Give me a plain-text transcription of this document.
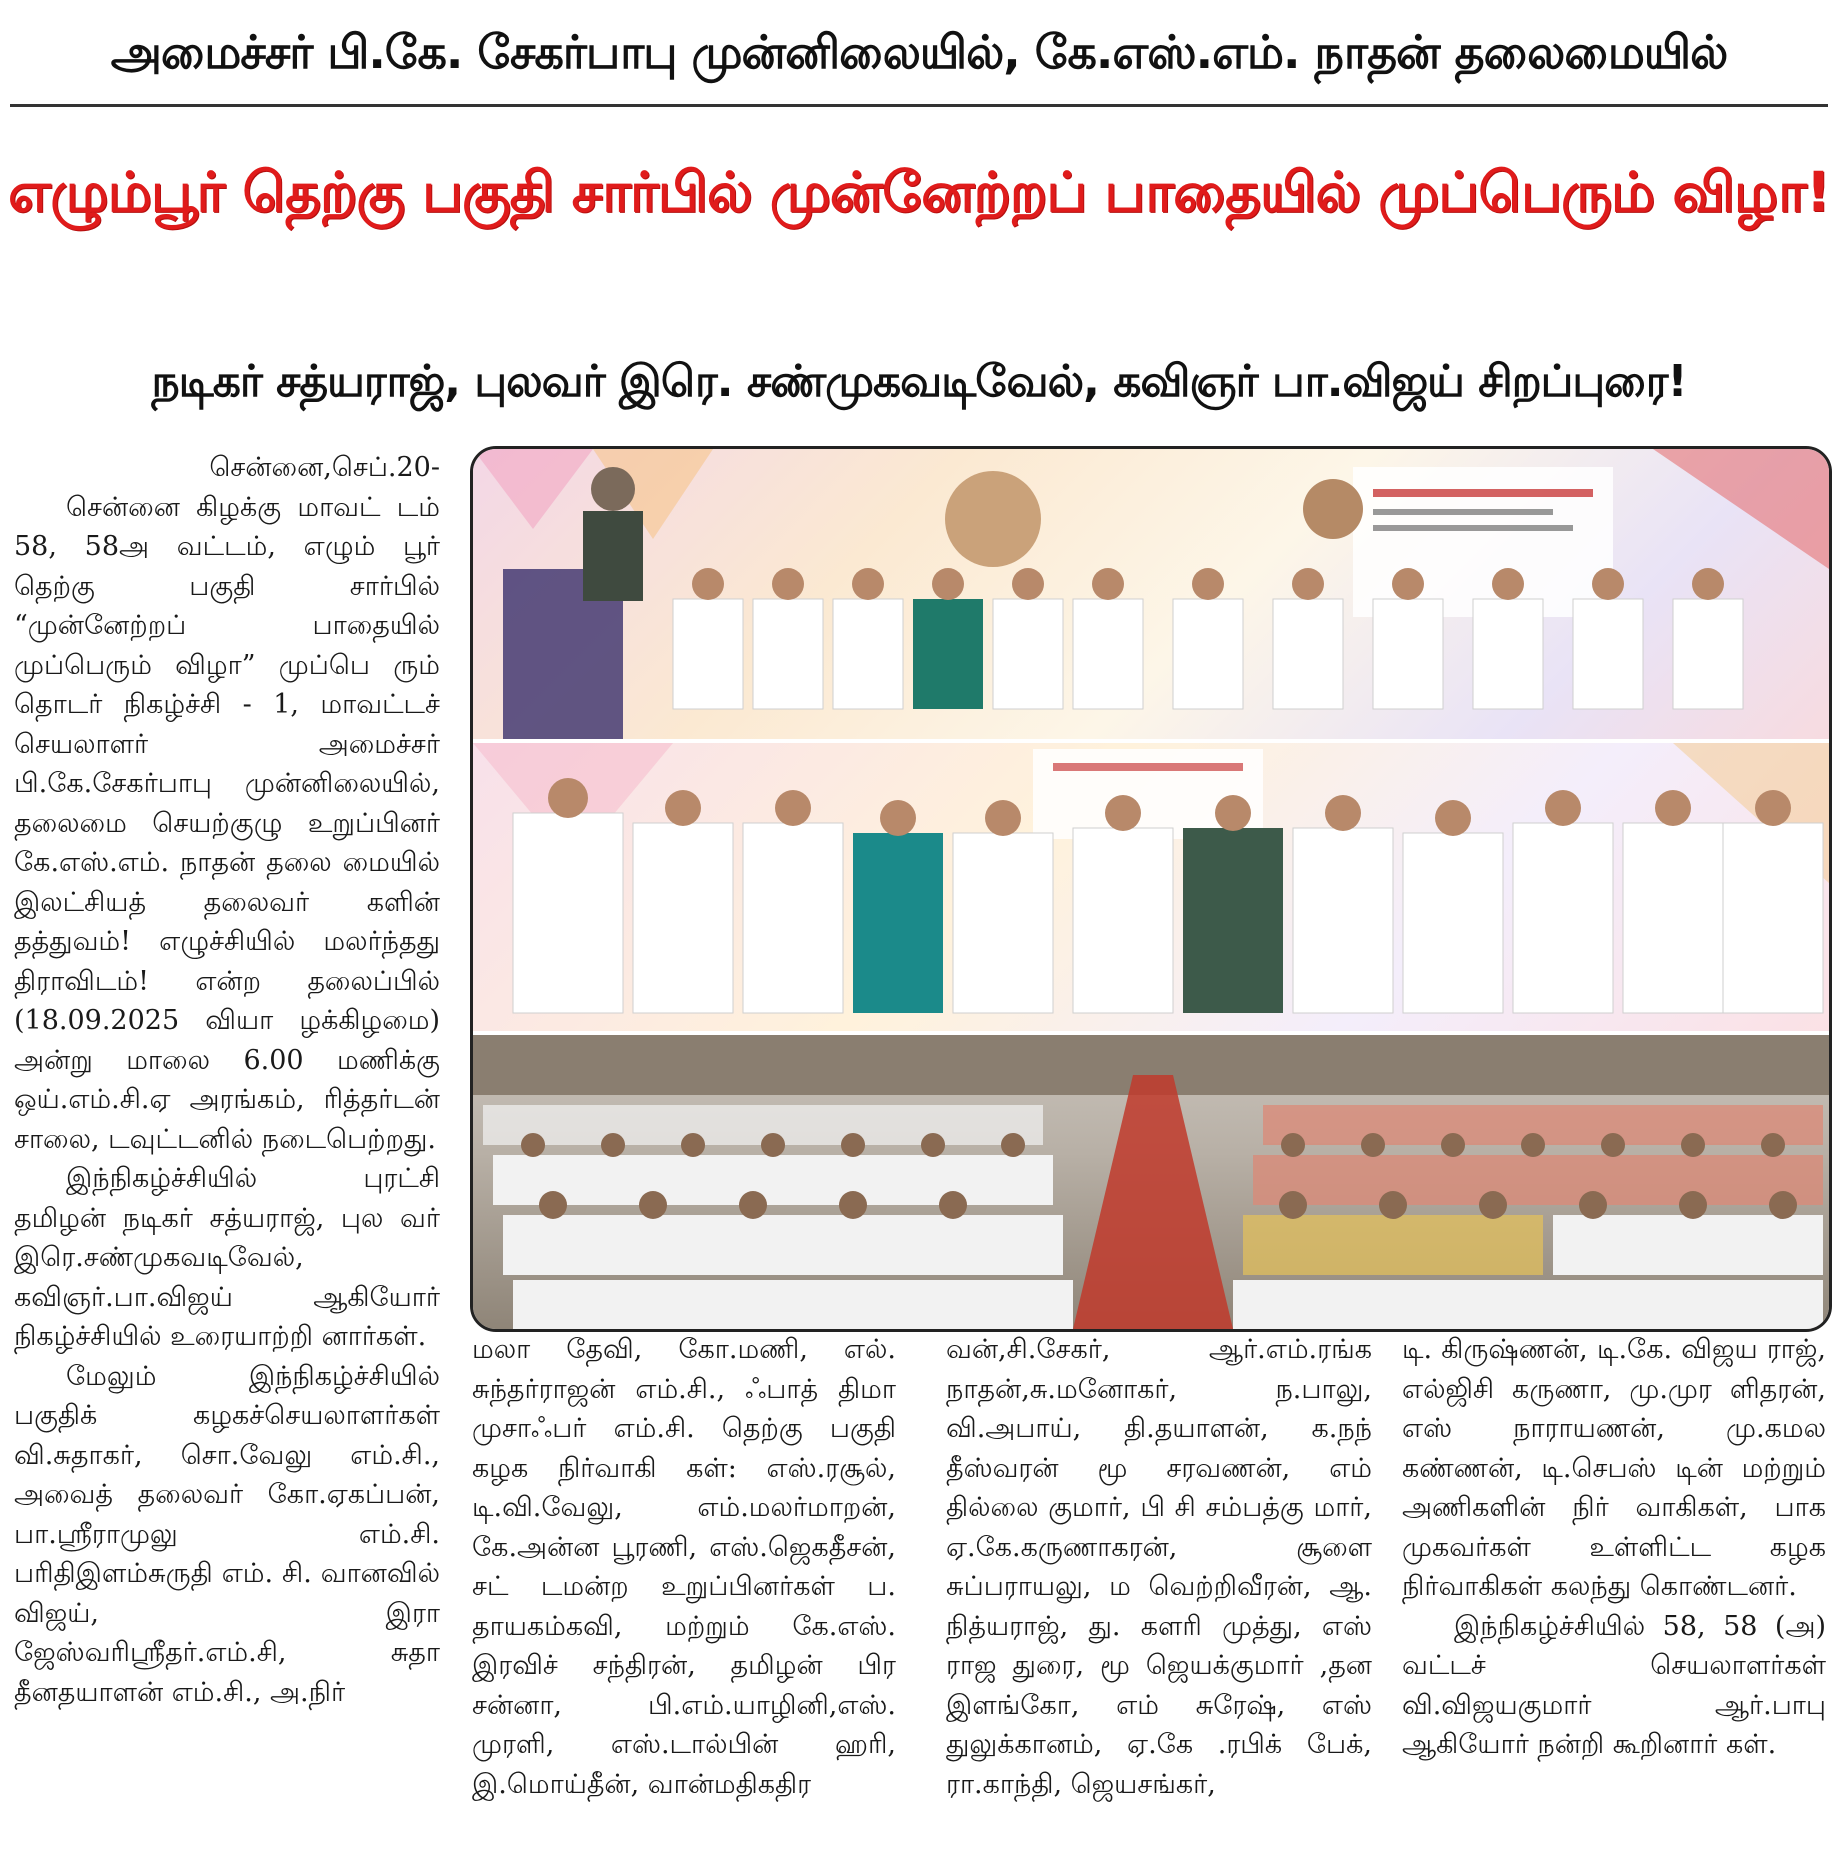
அமைச்சர் பி.கே. சேகர்பாபு முன்னிலையில், கே.எஸ்.எம். நாதன் தலைமையில்
எழும்பூர் தெற்கு பகுதி சார்பில் முன்னேற்றப் பாதையில் முப்பெரும் விழா!
நடிகர் சத்யராஜ், புலவர் இரெ. சண்முகவடிவேல், கவிஞர் பா.விஜய் சிறப்புரை!

சென்னை,செப்.20-

சென்னை கிழக்கு மாவட் டம் 58, 58அ வட்டம், எழும் பூர் தெற்கு பகுதி சார்பில் “முன்னேற்றப் பாதையில் முப்பெரும் விழா” முப்பெ ரும் தொடர் நிகழ்ச்சி - 1, மாவட்டச் செயலாளர் அமைச்சர் பி.கே.சேகர்பாபு முன்னிலையில், தலைமை செயற்குழு உறுப்பினர் கே.எஸ்.எம். நாதன் தலை மையில் இலட்சியத் தலைவர் களின் தத்துவம்! எழுச்சியில் மலர்ந்தது திராவிடம்! என்ற தலைப்பில் (18.09.2025 வியா ழக்கிழமை) அன்று மாலை 6.00 மணிக்கு ஒய்.எம்.சி.ஏ அரங்கம், ரித்தர்டன் சாலை, டவுட்டனில் நடைபெற்றது.

இந்நிகழ்ச்சியில் புரட்சி தமிழன் நடிகர் சத்யராஜ், புல வர் இரெ.சண்முகவடிவேல், கவிஞர்.பா.விஜய் ஆகியோர் நிகழ்ச்சியில் உரையாற்றி னார்கள்.

மேலும் இந்நிகழ்ச்சியில் பகுதிக் கழகச்செயலாளர்கள் வி.சுதாகர், சொ.வேலு எம்.சி., அவைத் தலைவர் கோ.ஏகப்பன், பா.ஸ்ரீராமுலு எம்.சி. பரிதிஇளம்சுருதி எம். சி. வானவில் விஜய், இரா ஜேஸ்வரிஸ்ரீதர்.எம்.சி, சுதா தீனதயாளன் எம்.சி., அ.நிர்

மலா தேவி, கோ.மணி, எல். சுந்தர்ராஜன் எம்.சி., ஃபாத் திமா முசாஃபர் எம்.சி. தெற்கு பகுதி கழக நிர்வாகி கள்: எஸ்.ரசூல், டி.வி.வேலு, எம்.மலர்மாறன், கே.அன்ன பூரணி, எஸ்.ஜெகதீசன், சட் டமன்ற உறுப்பினர்கள் ப. தாயகம்கவி, மற்றும் கே.எஸ். இரவிச் சந்திரன், தமிழன் பிர சன்னா, பி.எம்.யாழினி,எஸ். முரளி, எஸ்.டால்பின் ஹரி, இ.மொய்தீன், வான்மதிகதிர

வன்,சி.சேகர், ஆர்.எம்.ரங்க நாதன்,சு.மனோகர், ந.பாலு, வி.அபாய், தி.தயாளன், க.நந் தீஸ்வரன் மூ சரவணன், எம் தில்லை குமார், பி சி சம்பத்கு மார், ஏ.கே.கருணாகரன், சூளை சுப்பராயலு, ம வெற்றிவீரன், ஆ. நித்யராஜ், து. களரி முத்து, எஸ் ராஜ துரை, மூ ஜெயக்குமார் ,தன இளங்கோ, எம் சுரேஷ், எஸ் துலுக்கானம், ஏ.கே .ரபிக் பேக், ரா.காந்தி, ஜெயசங்கர்,

டி. கிருஷ்ணன், டி.கே. விஜய ராஜ், எல்ஜிசி கருணா, மு.முர ளிதரன், எஸ் நாராயணன், மு.கமல கண்ணன், டி.செபஸ் டின் மற்றும் அணிகளின் நிர் வாகிகள், பாக முகவர்கள் உள்ளிட்ட கழக நிர்வாகிகள் கலந்து கொண்டனர்.

இந்நிகழ்ச்சியில் 58, 58 (அ) வட்டச் செயலாளர்கள் வி.விஜயகுமார் ஆர்.பாபு ஆகியோர் நன்றி கூறினார் கள்.
